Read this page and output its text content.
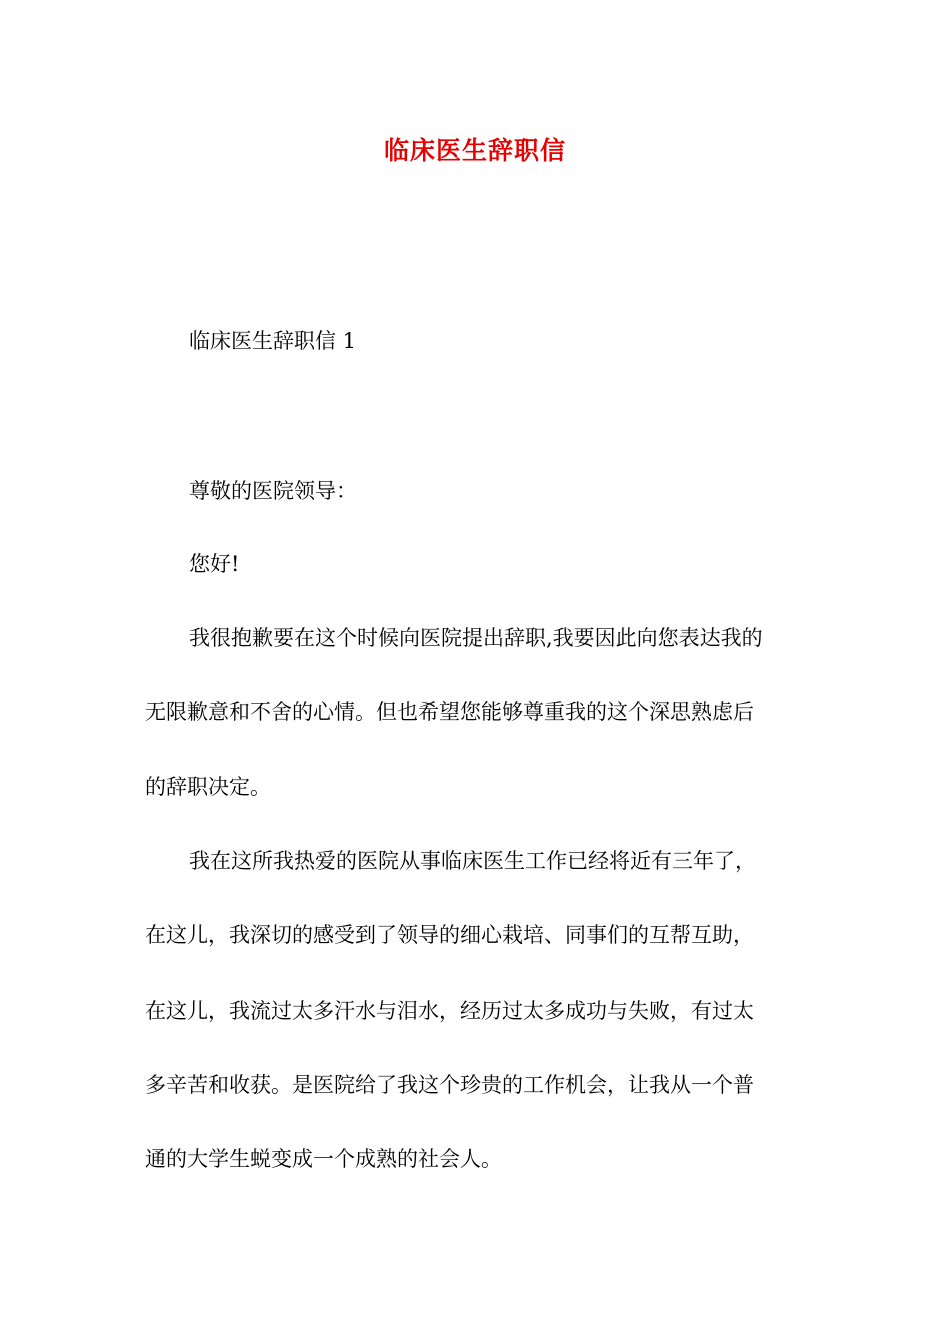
临床医生辞职信
临床医生辞职信 1
尊敬的医院领导：
您好!
我很抱歉要在这个时候向医院提出辞职,我要因此向您表达我的
无限歉意和不舍的心情。但也希望您能够尊重我的这个深思熟虑后
的辞职决定。
我在这所我热爱的医院从事临床医生工作已经将近有三年了，
在这儿，我深切的感受到了领导的细心栽培、同事们的互帮互助，
在这儿，我流过太多汗水与泪水，经历过太多成功与失败，有过太
多辛苦和收获。是医院给了我这个珍贵的工作机会，让我从一个普
通的大学生蜕变成一个成熟的社会人。
